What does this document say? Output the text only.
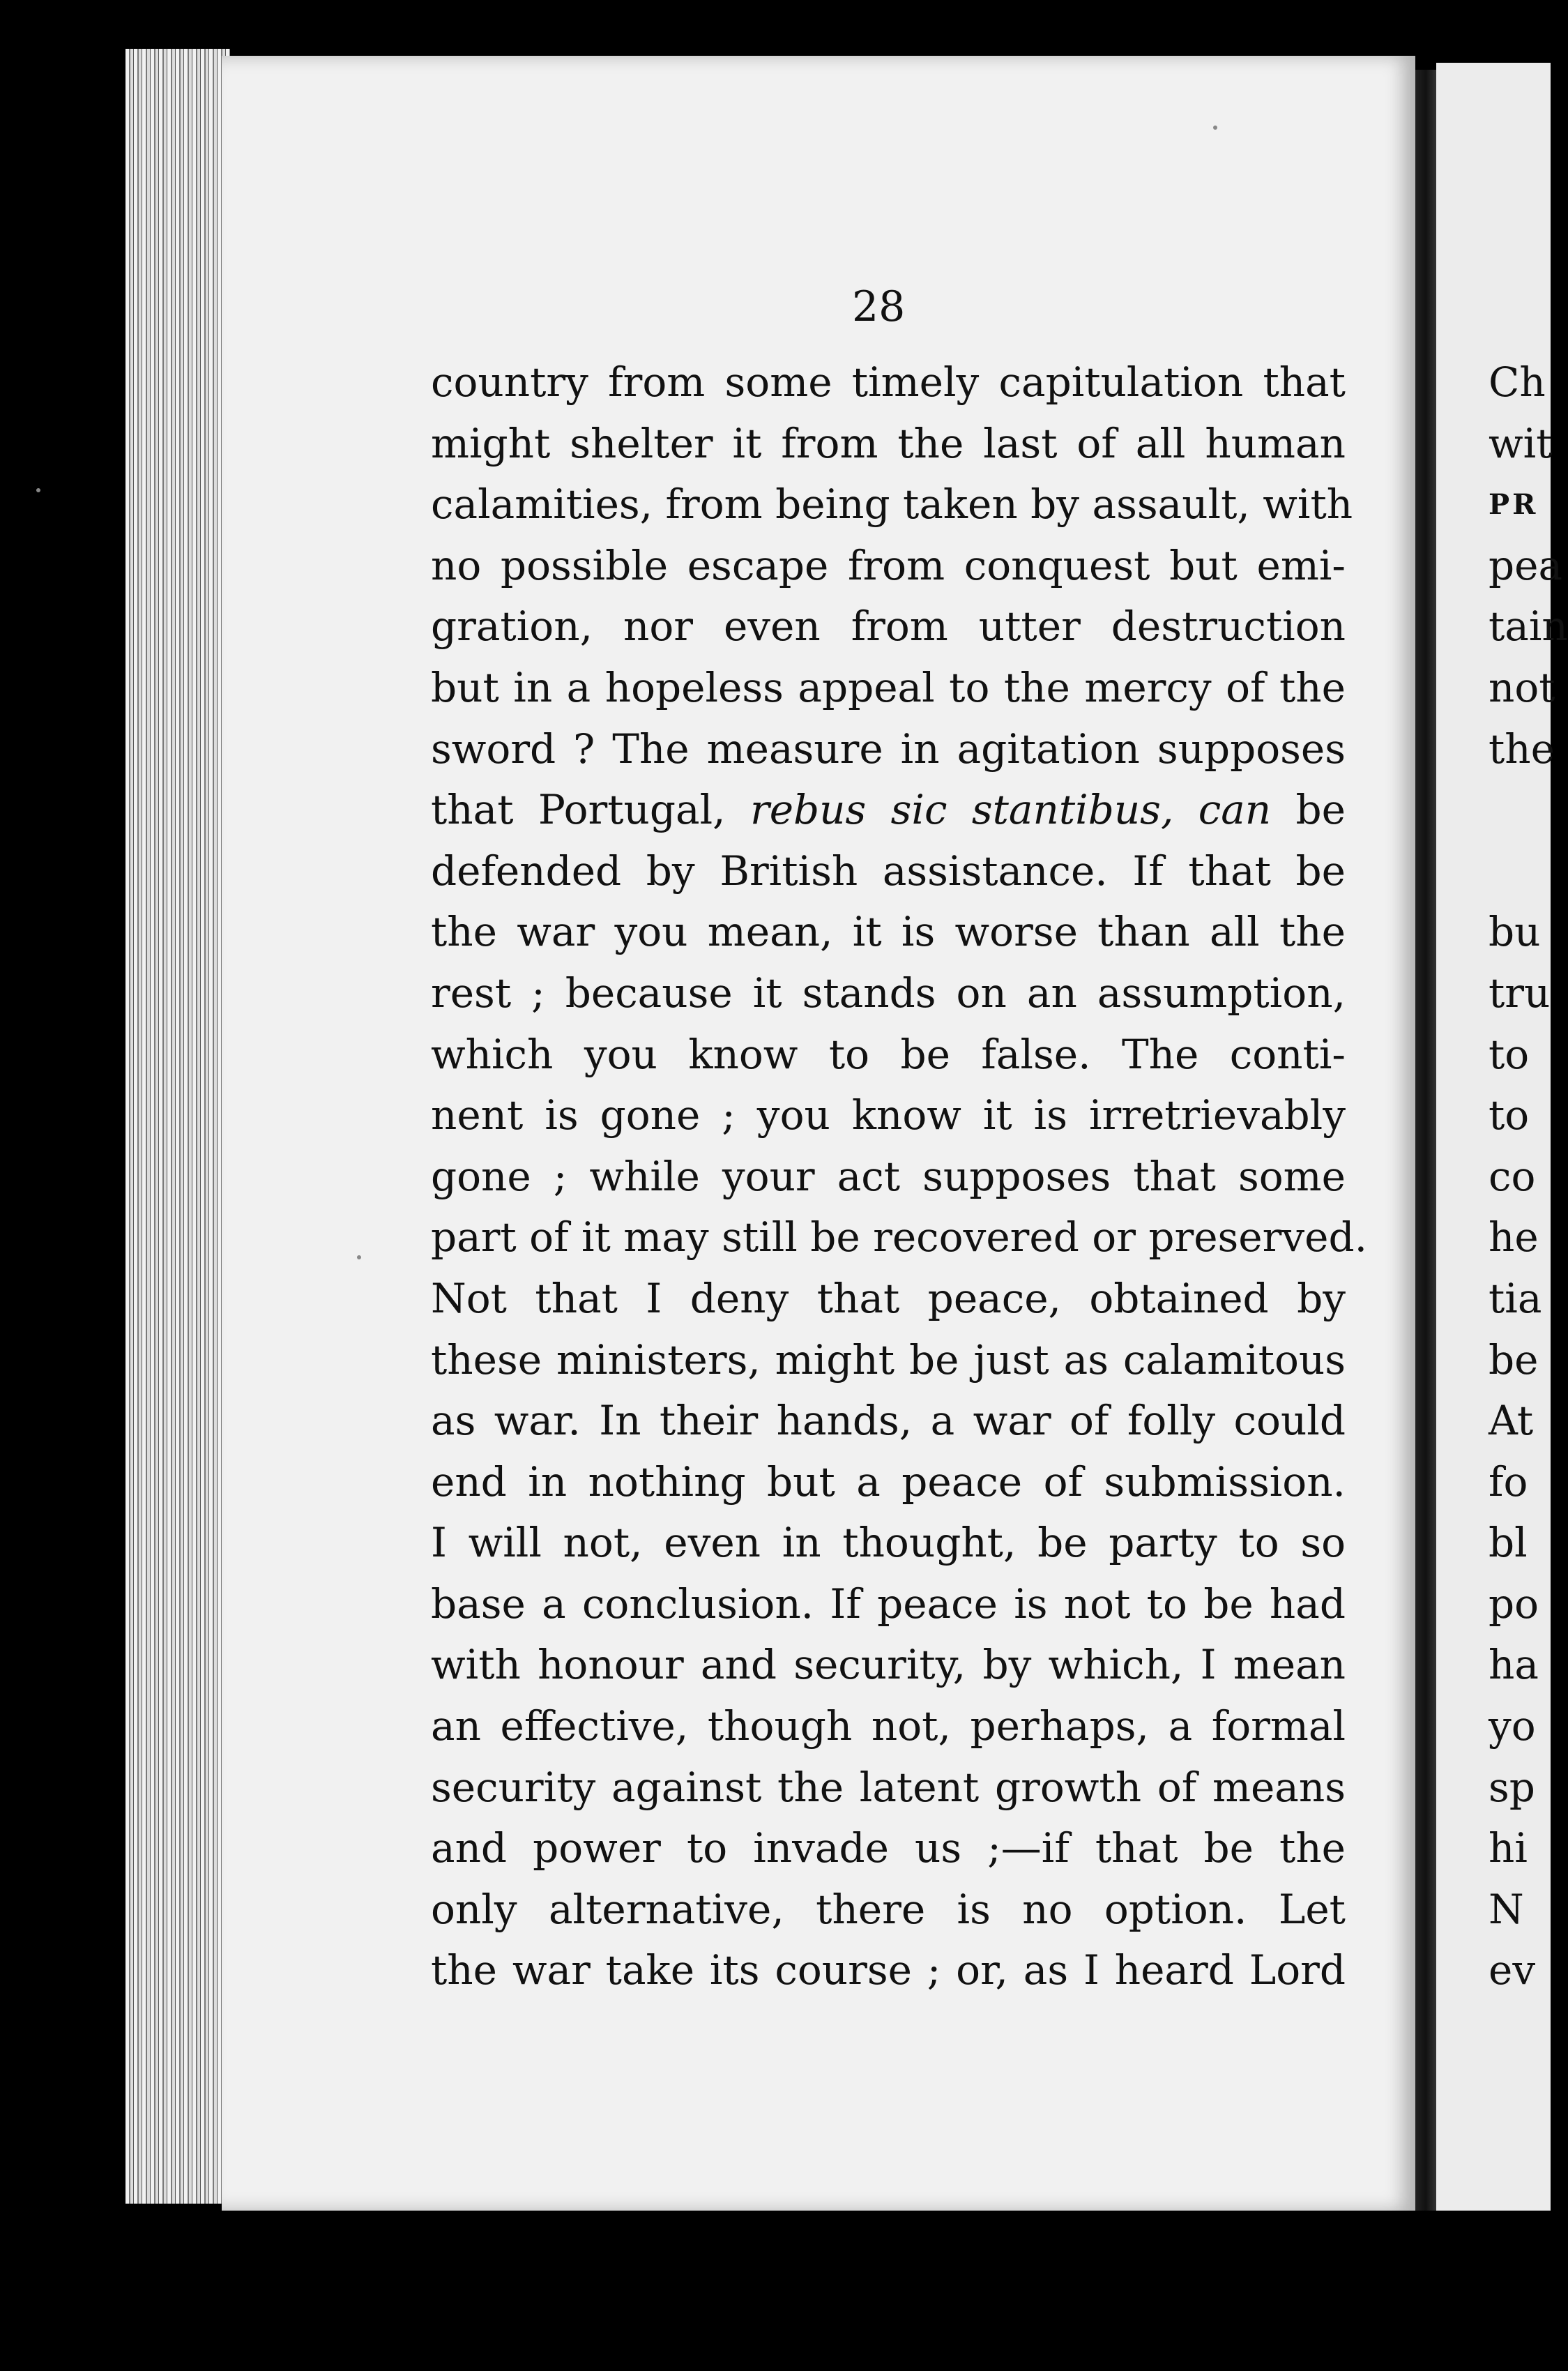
28

country from some timely capitulation that
might shelter it from the last of all human
calamities, from being taken by assault, with
no possible escape from conquest but emi-
gration, nor even from utter destruction
but in a hopeless appeal to the mercy of the
sword ? The measure in agitation supposes
that Portugal, rebus sic stantibus, can be
defended by British assistance. If that be
the war you mean, it is worse than all the
rest ; because it stands on an assumption,
which you know to be false. The conti-
nent is gone ; you know it is irretrievably
gone ; while your act supposes that some
part of it may still be recovered or preserved.
Not that I deny that peace, obtained by
these ministers, might be just as calamitous
as war. In their hands, a war of folly could
end in nothing but a peace of submission.
I will not, even in thought, be party to so
base a conclusion. If peace is not to be had
with honour and security, by which, I mean
an effective, though not, perhaps, a formal
security against the latent growth of means
and power to invade us ;—if that be the
only alternative, there is no option. Let
the war take its course ; or, as I heard Lord
Ch
wit
PR
pea
tain
not
the
bu
tru
to
to
co
he
tia
be
At
fo
bl
po
ha
yo
sp
hi
N
ev
